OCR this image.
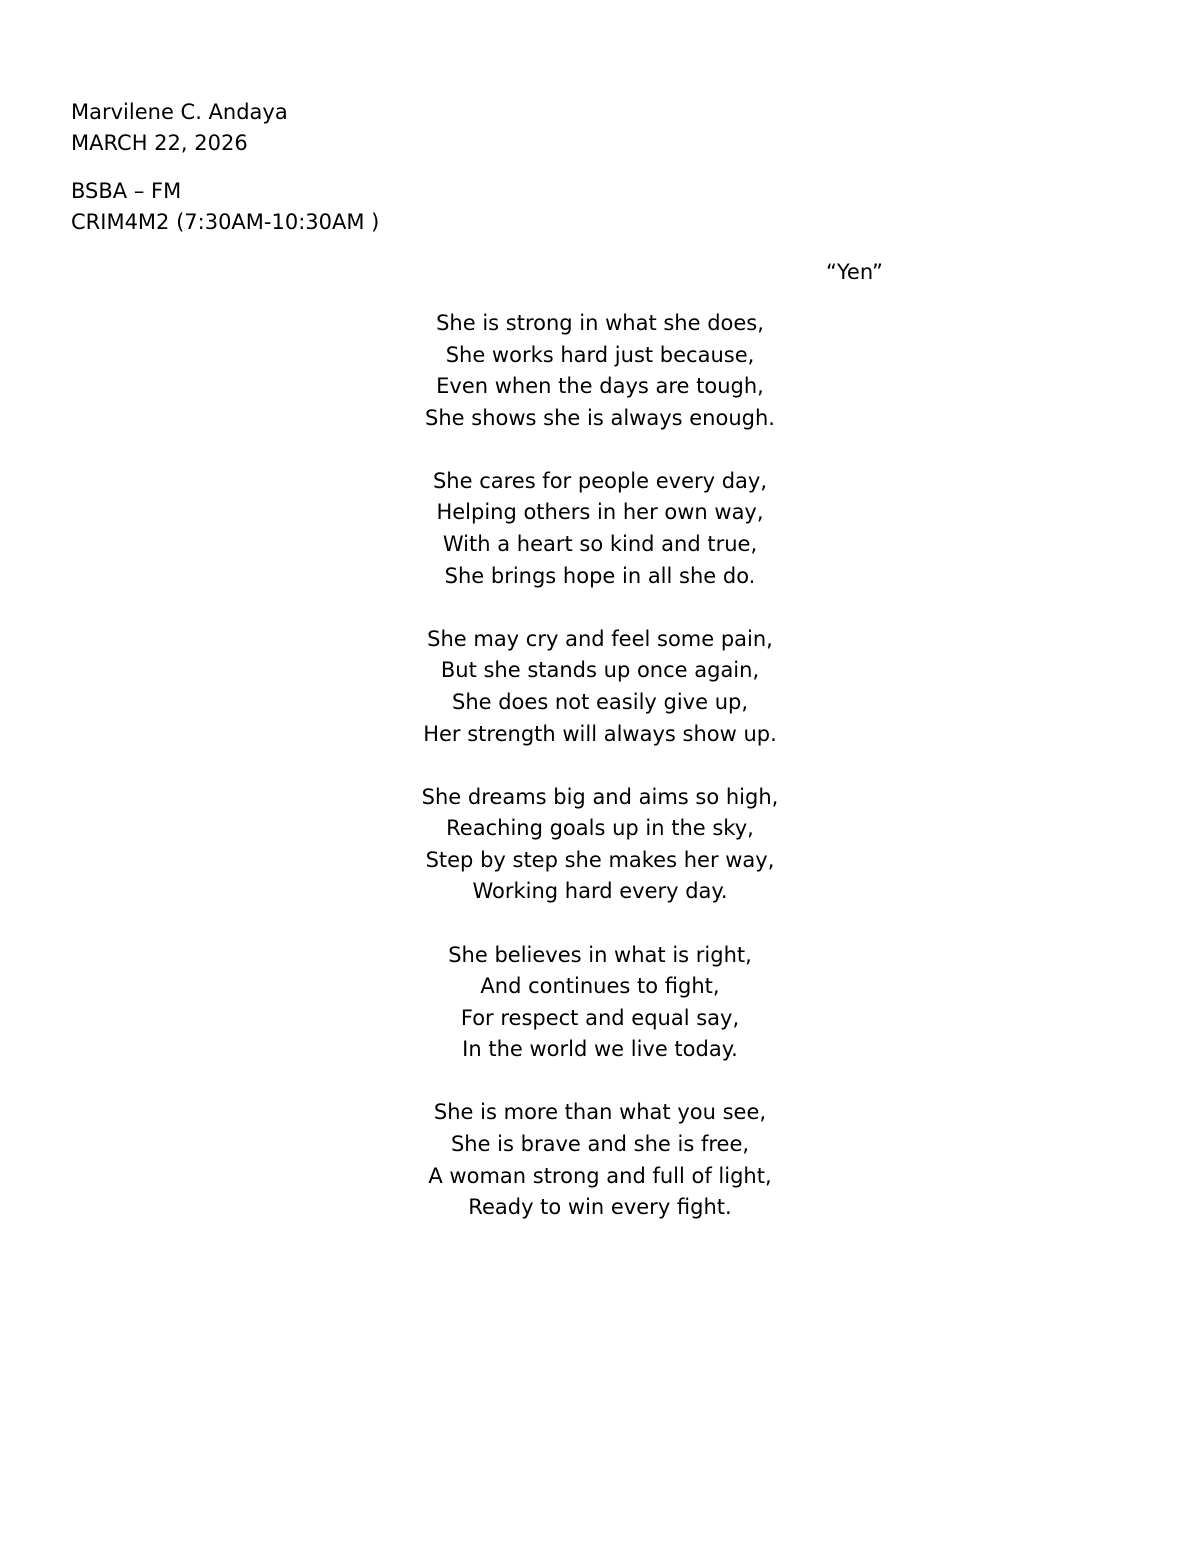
Marvilene C. Andaya
MARCH 22, 2026
BSBA – FM
CRIM4M2 (7:30AM-10:30AM )
“Yen”
She is strong in what she does,
She works hard just because,
Even when the days are tough,
She shows she is always enough.
She cares for people every day,
Helping others in her own way,
With a heart so kind and true,
She brings hope in all she do.
She may cry and feel some pain,
But she stands up once again,
She does not easily give up,
Her strength will always show up.
She dreams big and aims so high,
Reaching goals up in the sky,
Step by step she makes her way,
Working hard every day.
She believes in what is right,
And continues to fight,
For respect and equal say,
In the world we live today.
She is more than what you see,
She is brave and she is free,
A woman strong and full of light,
Ready to win every fight.
